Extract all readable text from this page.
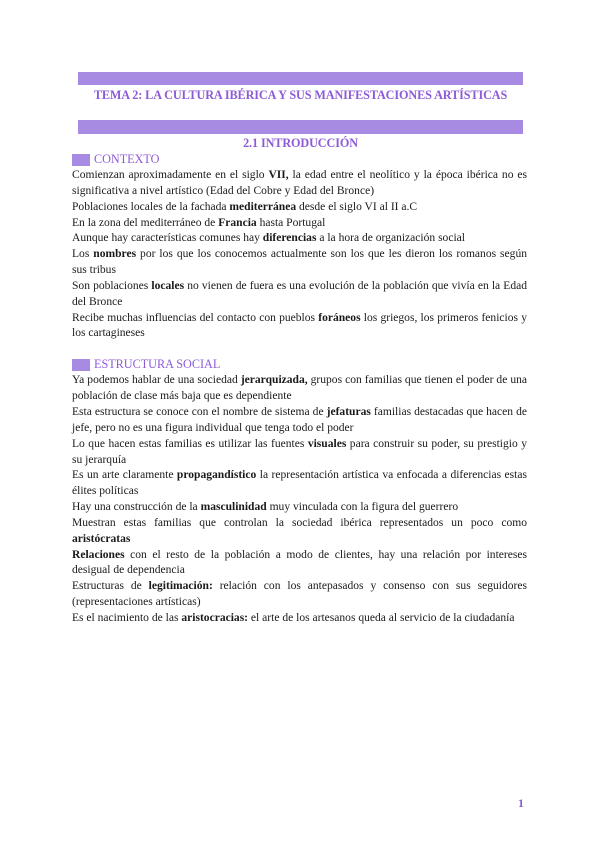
TEMA 2: LA CULTURA IBÉRICA Y SUS MANIFESTACIONES ARTÍSTICAS
2.1 INTRODUCCIÓN
CONTEXTO

Comienzan aproximadamente en el siglo VII, la edad entre el neolítico y la época ibérica no es significativa a nivel artístico (Edad del Cobre y Edad del Bronce)

Poblaciones locales de la fachada mediterránea desde el siglo VI al II a.C

En la zona del mediterráneo de Francia hasta Portugal

Aunque hay características comunes hay diferencias a la hora de organización social

Los nombres por los que los conocemos actualmente son los que les dieron los romanos según sus tribus

Son poblaciones locales no vienen de fuera es una evolución de la población que vivía en la Edad del Bronce

Recibe muchas influencias del contacto con pueblos foráneos los griegos, los primeros fenicios y los cartagineses

ESTRUCTURA SOCIAL

Ya podemos hablar de una sociedad jerarquizada, grupos con familias que tienen el poder de una población de clase más baja que es dependiente

Esta estructura se conoce con el nombre de sistema de jefaturas familias destacadas que hacen de jefe, pero no es una figura individual que tenga todo el poder

Lo que hacen estas familias es utilizar las fuentes visuales para construir su poder, su prestigio y su jerarquía

Es un arte claramente propagandístico la representación artística va enfocada a diferencias estas élites políticas

Hay una construcción de la masculinidad muy vinculada con la figura del guerrero

Muestran estas familias que controlan la sociedad ibérica representados un poco como aristócratas

Relaciones con el resto de la población a modo de clientes, hay una relación por intereses desigual de dependencia

Estructuras de legitimación: relación con los antepasados y consenso con sus seguidores (representaciones artísticas)

Es el nacimiento de las aristocracias: el arte de los artesanos queda al servicio de la ciudadanía

1
